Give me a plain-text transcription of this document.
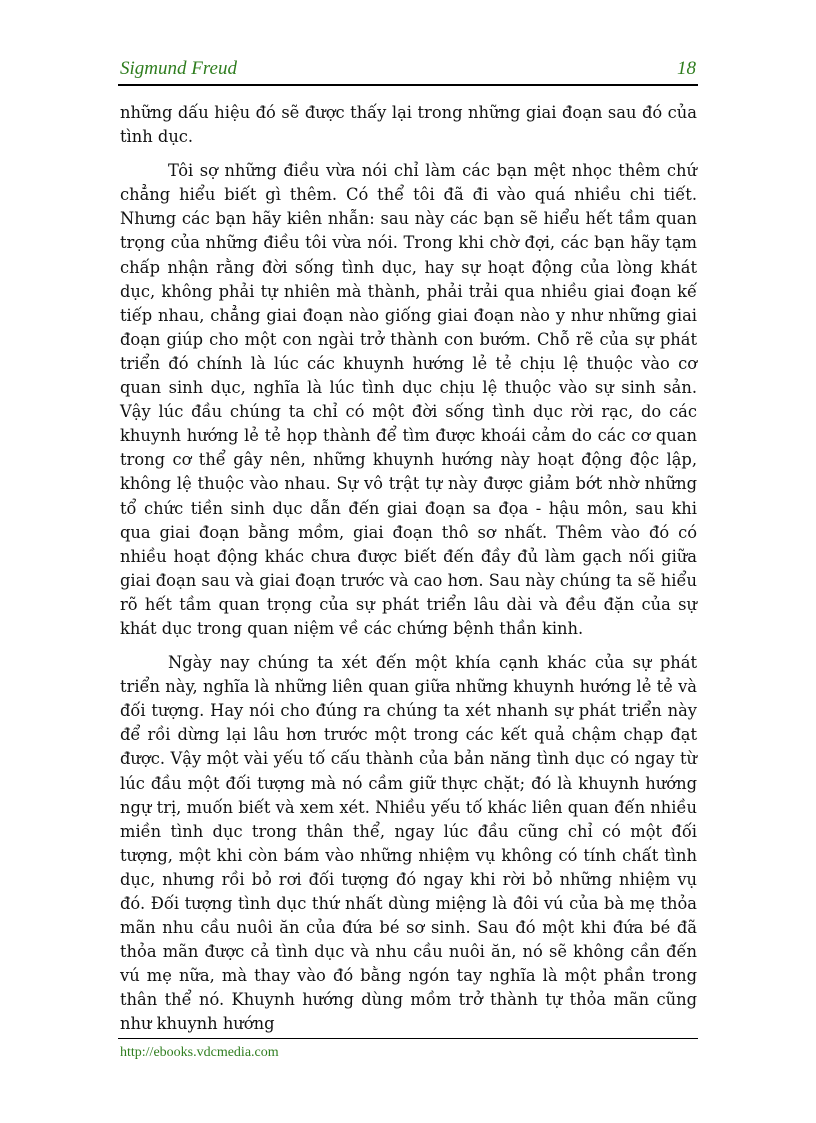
Sigmund Freud	18

những dấu hiệu đó sẽ được thấy lại trong những giai đoạn sau đó của tình dục.

Tôi sợ những điều vừa nói chỉ làm các bạn mệt nhọc thêm chứ chẳng hiểu biết gì thêm. Có thể tôi đã đi vào quá nhiều chi tiết. Nhưng các bạn hãy kiên nhẫn: sau này các bạn sẽ hiểu hết tầm quan trọng của những điều tôi vừa nói. Trong khi chờ đợi, các bạn hãy tạm chấp nhận rằng đời sống tình dục, hay sự hoạt động của lòng khát dục, không phải tự nhiên mà thành, phải trải qua nhiều giai đoạn kế tiếp nhau, chẳng giai đoạn nào giống giai đoạn nào y như những giai đoạn giúp cho một con ngài trở thành con bướm. Chỗ rẽ của sự phát triển đó chính là lúc các khuynh hướng lẻ tẻ chịu lệ thuộc vào cơ quan sinh dục, nghĩa là lúc tình dục chịu lệ thuộc vào sự sinh sản. Vậy lúc đầu chúng ta chỉ có một đời sống tình dục rời rạc, do các khuynh hướng lẻ tẻ họp thành để tìm được khoái cảm do các cơ quan trong cơ thể gây nên, những khuynh hướng này hoạt động độc lập, không lệ thuộc vào nhau. Sự vô trật tự này được giảm bớt nhờ những tổ chức tiền sinh dục dẫn đến giai đoạn sa đọa - hậu môn, sau khi qua giai đoạn bằng mồm, giai đoạn thô sơ nhất. Thêm vào đó có nhiều hoạt động khác chưa được biết đến đầy đủ làm gạch nối giữa giai đoạn sau và giai đoạn trước và cao hơn. Sau này chúng ta sẽ hiểu rõ hết tầm quan trọng của sự phát triển lâu dài và đều đặn của sự khát dục trong quan niệm về các chứng bệnh thần kinh.

Ngày nay chúng ta xét đến một khía cạnh khác của sự phát triển này, nghĩa là những liên quan giữa những khuynh hướng lẻ tẻ và đối tượng. Hay nói cho đúng ra chúng ta xét nhanh sự phát triển này để rồi dừng lại lâu hơn trước một trong các kết quả chậm chạp đạt được. Vậy một vài yếu tố cấu thành của bản năng tình dục có ngay từ lúc đầu một đối tượng mà nó cầm giữ thực chặt; đó là khuynh hướng ngự trị, muốn biết và xem xét. Nhiều yếu tố khác liên quan đến nhiều miền tình dục trong thân thể, ngay lúc đầu cũng chỉ có một đối tượng, một khi còn bám vào những nhiệm vụ không có tính chất tình dục, nhưng rồi bỏ rơi đối tượng đó ngay khi rời bỏ những nhiệm vụ đó. Đối tượng tình dục thứ nhất dùng miệng là đôi vú của bà mẹ thỏa mãn nhu cầu nuôi ăn của đứa bé sơ sinh. Sau đó một khi đứa bé đã thỏa mãn được cả tình dục và nhu cầu nuôi ăn, nó sẽ không cần đến vú mẹ nữa, mà thay vào đó bằng ngón tay nghĩa là một phần trong thân thể nó. Khuynh hướng dùng mồm trở thành tự thỏa mãn cũng như khuynh hướng

http://ebooks.vdcmedia.com
